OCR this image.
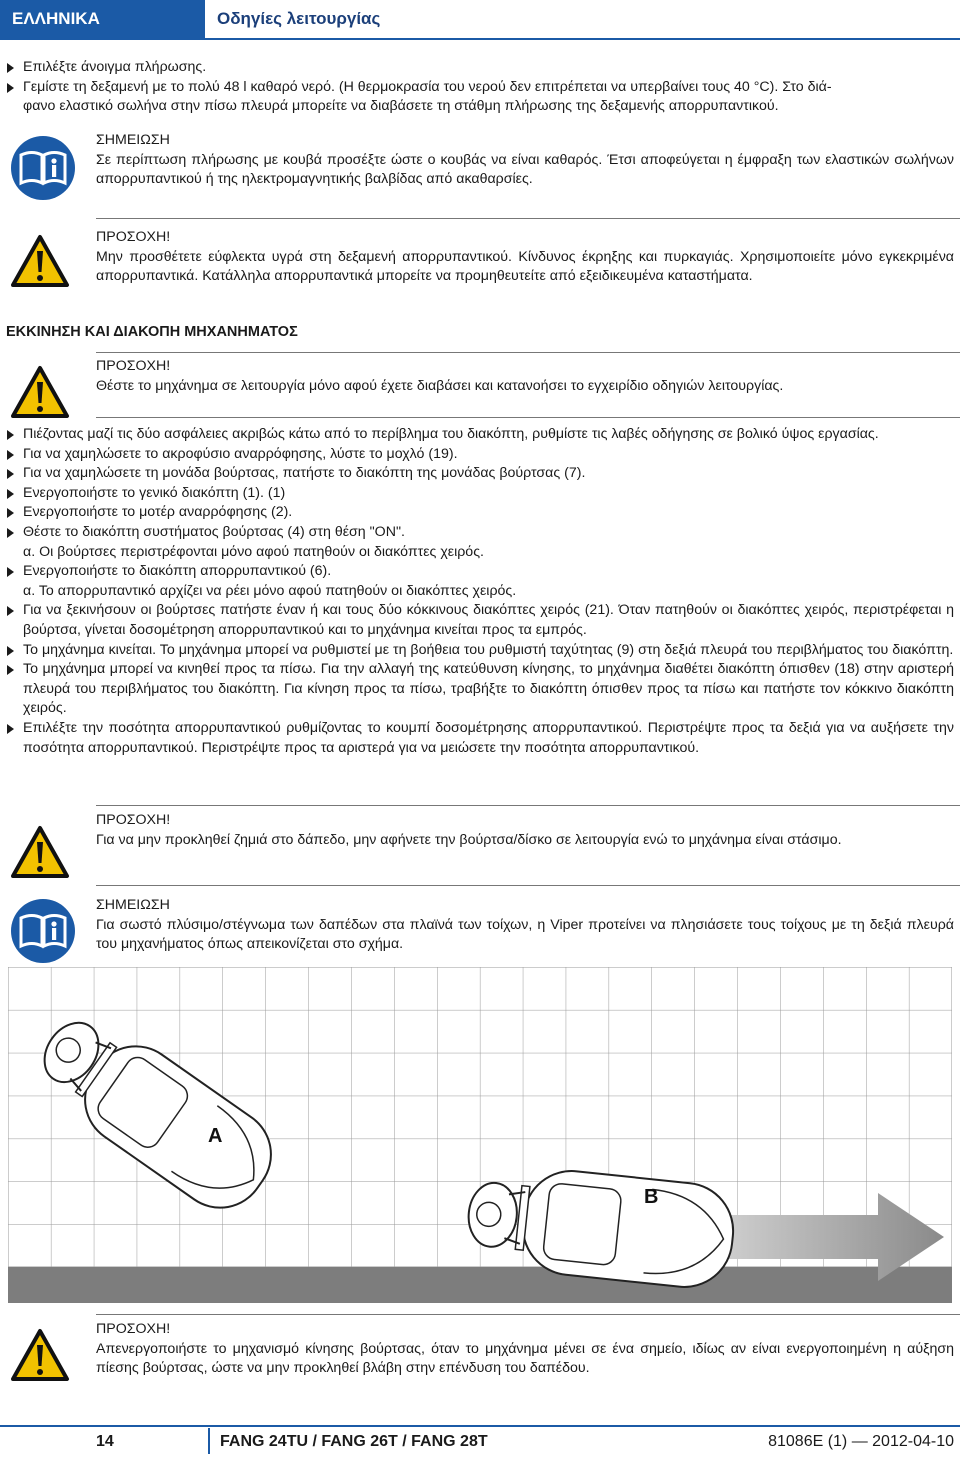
ΕΛΛΗΝΙΚΑ	Οδηγίες λειτουργίας
Επιλέξτε άνοιγμα πλήρωσης.
Γεμίστε τη δεξαμενή με το πολύ 48 l καθαρό νερό. (Η θερμοκρασία του νερού δεν επιτρέπεται να υπερβαίνει τους 40 °C). Στο διά-
φανο ελαστικό σωλήνα στην πίσω πλευρά μπορείτε να διαβάσετε τη στάθμη πλήρωσης της δεξαμενής απορρυπαντικού.
ΣΗΜΕΙΩΣΗ
Σε περίπτωση πλήρωσης με κουβά προσέξτε ώστε ο κουβάς να είναι καθαρός. Έτσι αποφεύγεται η έμφραξη των ελαστικών σωλήνων απορρυπαντικού ή της ηλεκτρομαγνητικής βαλβίδας από ακαθαρσίες.
ΠΡΟΣΟΧΗ!
Μην προσθέτετε εύφλεκτα υγρά στη δεξαμενή απορρυπαντικού. Κίνδυνος έκρηξης και πυρκαγιάς. Χρησιμοποιείτε μόνο εγκεκριμένα απορρυπαντικά. Κατάλληλα απορρυπαντικά μπορείτε να προμηθευτείτε από εξειδικευμένα καταστήματα.
ΕΚΚΙΝΗΣΗ ΚΑΙ ΔΙΑΚΟΠΗ ΜΗΧΑΝΗΜΑΤΟΣ
ΠΡΟΣΟΧΗ!
Θέστε το μηχάνημα σε λειτουργία μόνο αφού έχετε διαβάσει και κατανοήσει το εγχειρίδιο οδηγιών λειτουργίας.
Πιέζοντας μαζί τις δύο ασφάλειες ακριβώς κάτω από το περίβλημα του διακόπτη, ρυθμίστε τις λαβές οδήγησης σε βολικό ύψος εργασίας.
Για να χαμηλώσετε το ακροφύσιο αναρρόφησης, λύστε το μοχλό (19).
Για να χαμηλώσετε τη μονάδα βούρτσας, πατήστε το διακόπτη της μονάδας βούρτσας (7).
Ενεργοποιήστε το γενικό διακόπτη (1). (1)
Ενεργοποιήστε το μοτέρ αναρρόφησης (2).
Θέστε το διακόπτη συστήματος βούρτσας (4) στη θέση "ON".
α. Οι βούρτσες περιστρέφονται μόνο αφού πατηθούν οι διακόπτες χειρός.
Ενεργοποιήστε το διακόπτη απορρυπαντικού (6).
α. Το απορρυπαντικό αρχίζει να ρέει μόνο αφού πατηθούν οι διακόπτες χειρός.
Για να ξεκινήσουν οι βούρτσες πατήστε έναν ή και τους δύο κόκκινους διακόπτες χειρός (21). Όταν πατηθούν οι διακόπτες χειρός, περιστρέφεται η βούρτσα, γίνεται δοσομέτρηση απορρυπαντικού και το μηχάνημα κινείται προς τα εμπρός.
Το μηχάνημα κινείται. Το μηχάνημα μπορεί να ρυθμιστεί με τη βοήθεια του ρυθμιστή ταχύτητας (9) στη δεξιά πλευρά του περιβλήματος του διακόπτη.
Το μηχάνημα μπορεί να κινηθεί προς τα πίσω. Για την αλλαγή της κατεύθυνση κίνησης, το μηχάνημα διαθέτει διακόπτη όπισθεν (18) στην αριστερή πλευρά του περιβλήματος του διακόπτη. Για κίνηση προς τα πίσω, τραβήξτε το διακόπτη όπισθεν προς τα πίσω και πατήστε τον κόκκινο διακόπτη χειρός.
Επιλέξτε την ποσότητα απορρυπαντικού ρυθμίζοντας το κουμπί δοσομέτρησης απορρυπαντικού. Περιστρέψτε προς τα δεξιά για να αυξήσετε την ποσότητα απορρυπαντικού. Περιστρέψτε προς τα αριστερά για να μειώσετε την ποσότητα απορρυπαντικού.
ΠΡΟΣΟΧΗ!
Για να μην προκληθεί ζημιά στο δάπεδο, μην αφήνετε την βούρτσα/δίσκο σε λειτουργία ενώ το μηχάνημα είναι στάσιμο.
ΣΗΜΕΙΩΣΗ
Για σωστό πλύσιμο/στέγνωμα των δαπέδων στα πλαϊνά των τοίχων, η Viper προτείνει να πλησιάσετε τους τοίχους με τη δεξιά πλευρά του μηχανήματος όπως απεικονίζεται στο σχήμα.
A
B
ΠΡΟΣΟΧΗ!
Απενεργοποιήστε το μηχανισμό κίνησης βούρτσας, όταν το μηχάνημα μένει σε ένα σημείο, ιδίως αν είναι ενεργοποιημένη η αύξηση πίεσης βούρτσας, ώστε να μην προκληθεί βλάβη στην επένδυση του δαπέδου.
14	FANG 24TU / FANG 26T / FANG 28T	81086E (1) — 2012-04-10
